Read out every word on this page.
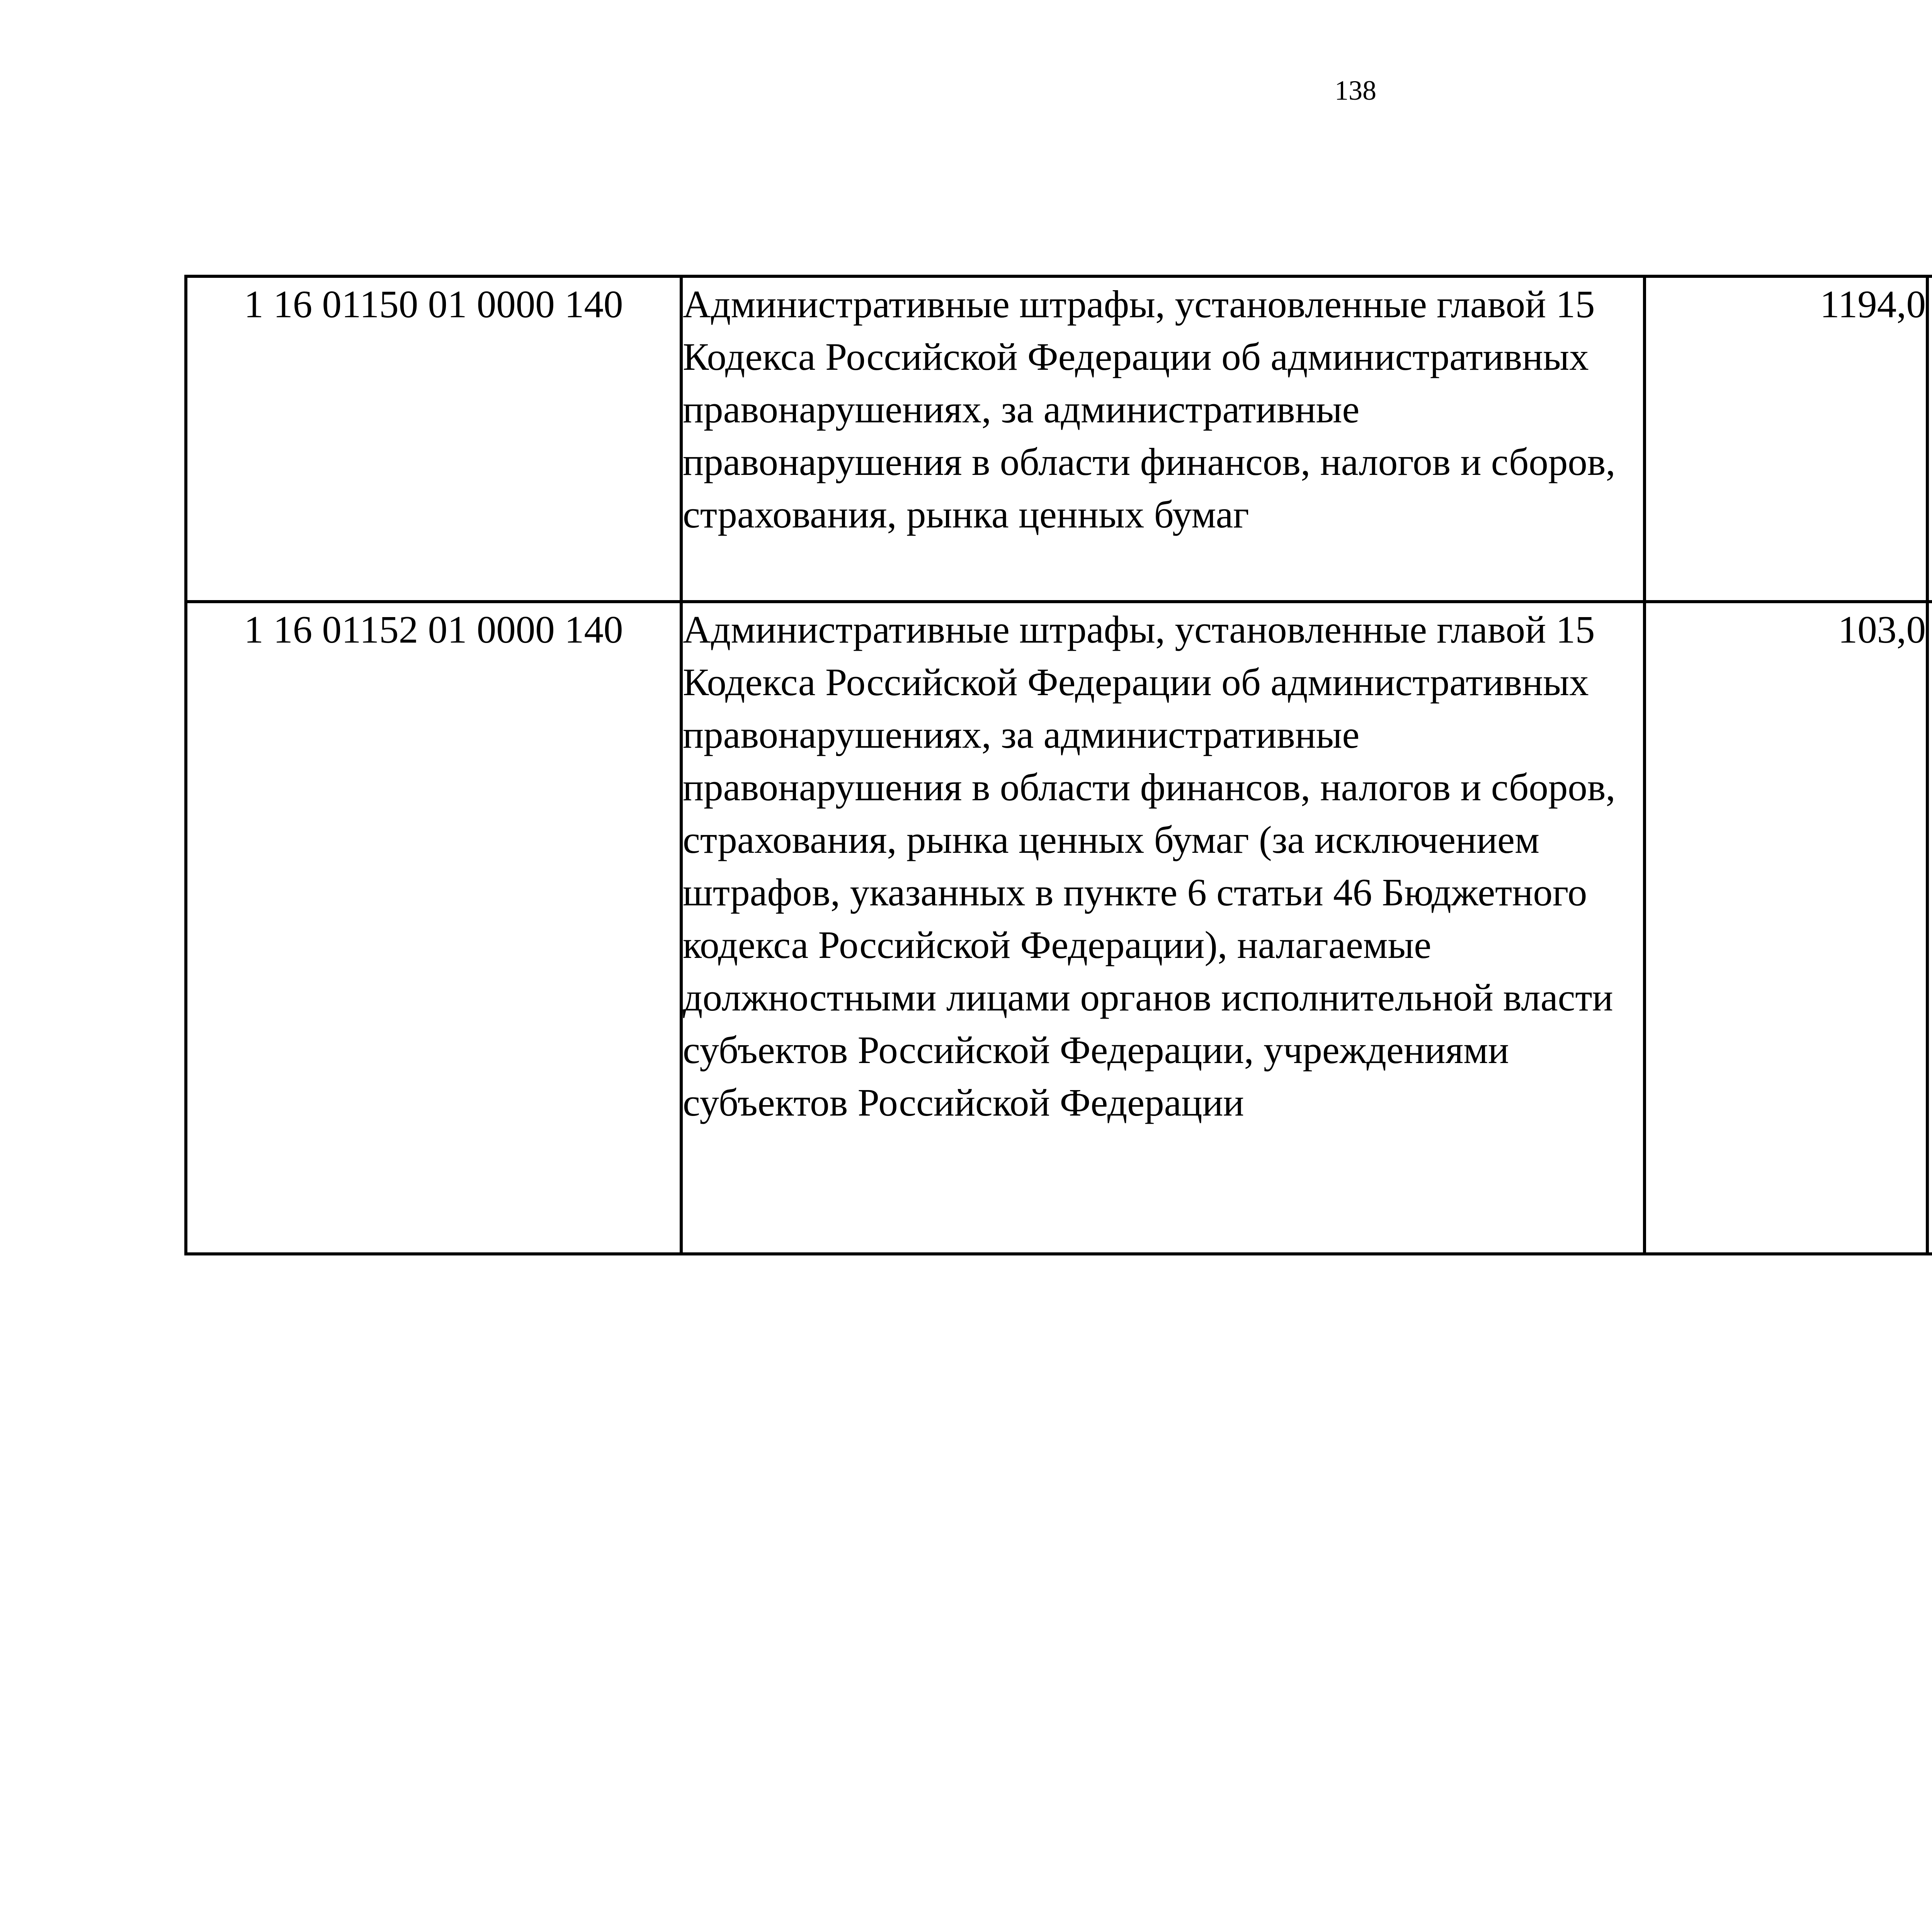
138
1 16 01150 01 0000 140	Административные штрафы, установленные главой 15 Кодекса Российской Федерации об административных правонарушениях, за административные правонарушения в области финансов, налогов и сборов, страхования, рынка ценных бумаг	1194,0		
1 16 01152 01 0000 140	Административные штрафы, установленные главой 15 Кодекса Российской Федерации об административных правонарушениях, за административные правонарушения в области финансов, налогов и сборов, страхования, рынка ценных бумаг (за исключением штрафов, указанных в пункте 6 статьи 46 Бюджетного кодекса Российской Федерации), налагаемые должностными лицами органов исполнительной власти субъектов Российской Федерации, учреждениями субъектов Российской Федерации	103,0		
